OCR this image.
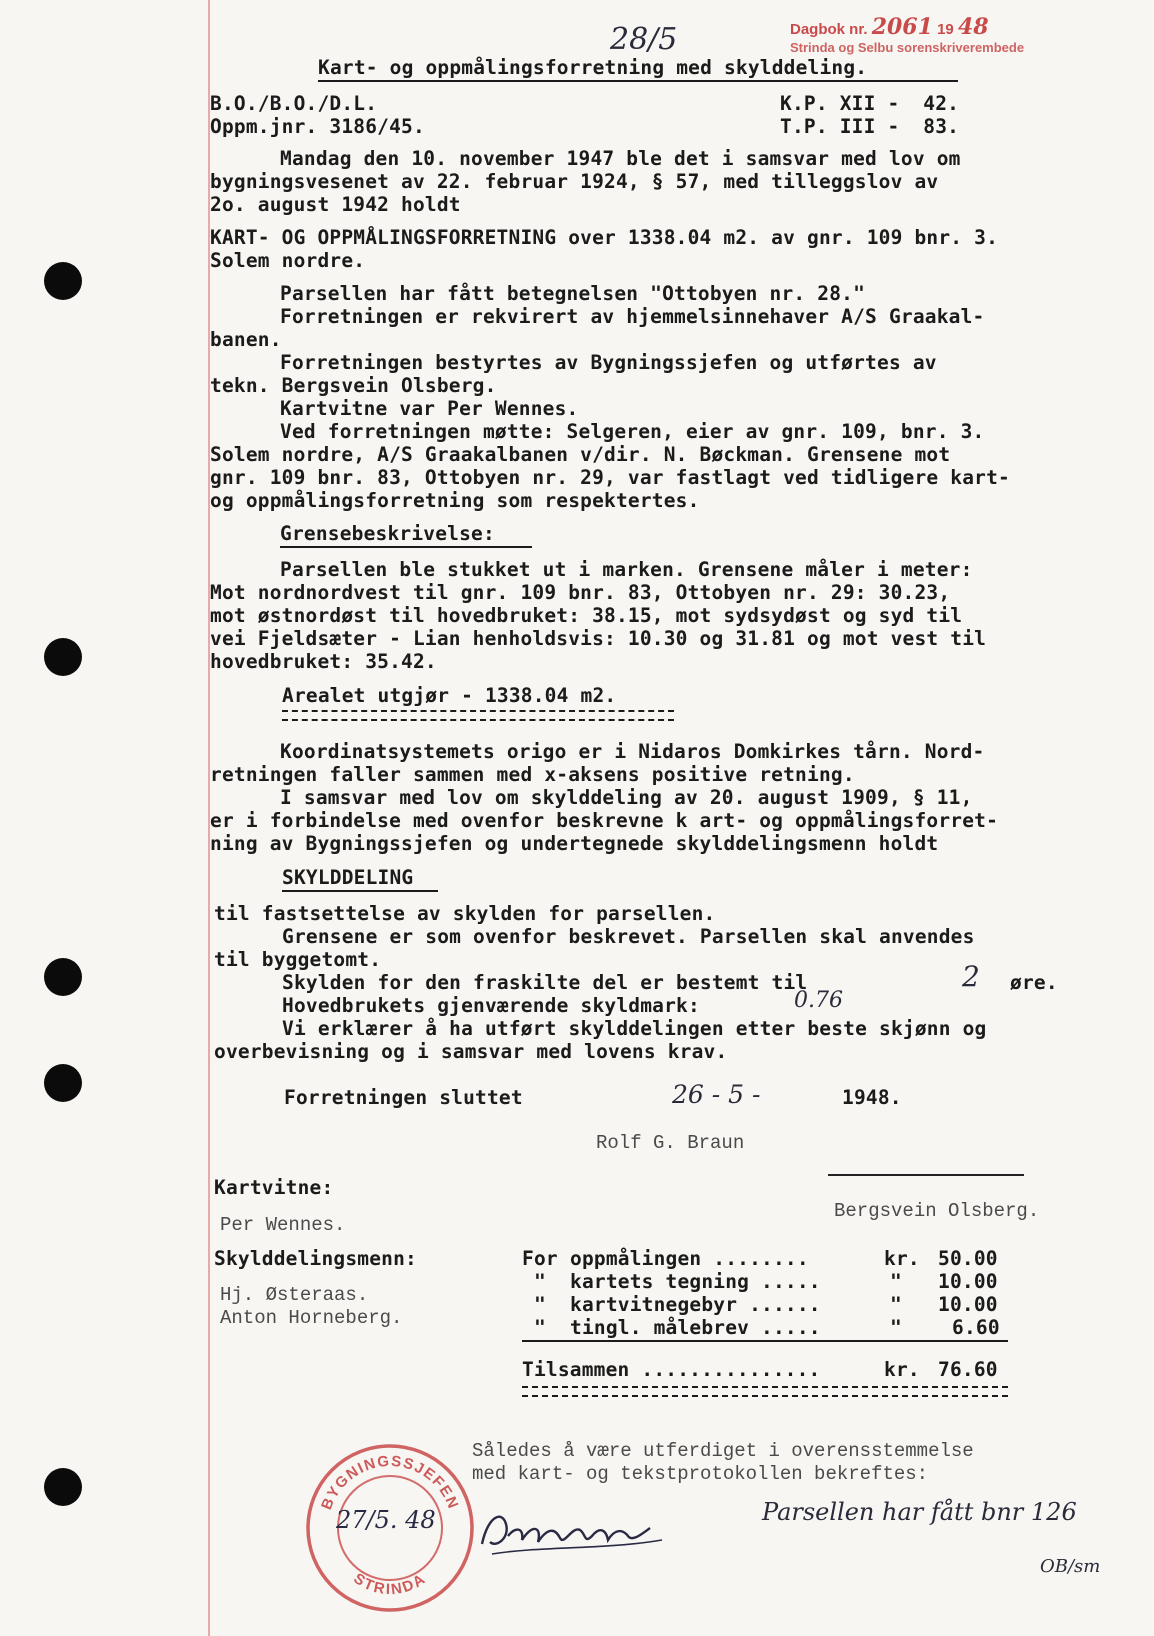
Dagbok nr. 2061 19 48
Strinda og Selbu sorenskriverembede
28/5
Kart- og oppmålingsforretning med skylddeling.
B.O./B.O./D.L.
Oppm.jnr. 3186/45.
K.P. XII -  42.
T.P. III -  83.
Mandag den 10. november 1947 ble det i samsvar med lov om
bygningsvesenet av 22. februar 1924, § 57, med tilleggslov av
2o. august 1942 holdt
KART- OG OPPMÅLINGSFORRETNING over 1338.04 m2. av gnr. 109 bnr. 3.
Solem nordre.
Parsellen har fått betegnelsen "Ottobyen nr. 28."
Forretningen er rekvirert av hjemmelsinnehaver A/S Graakal-
banen.
Forretningen bestyrtes av Bygningssjefen og utførtes av
tekn. Bergsvein Olsberg.
Kartvitne var Per Wennes.
Ved forretningen møtte: Selgeren, eier av gnr. 109, bnr. 3.
Solem nordre, A/S Graakalbanen v/dir. N. Bøckman. Grensene mot
gnr. 109 bnr. 83, Ottobyen nr. 29, var fastlagt ved tidligere kart-
og oppmålingsforretning som respektertes.
Grensebeskrivelse:
Parsellen ble stukket ut i marken. Grensene måler i meter:
Mot nordnordvest til gnr. 109 bnr. 83, Ottobyen nr. 29: 30.23,
mot østnordøst til hovedbruket: 38.15, mot sydsydøst og syd til
vei Fjeldsæter - Lian henholdsvis: 10.30 og 31.81 og mot vest til
hovedbruket: 35.42.
Arealet utgjør - 1338.04 m2.
Koordinatsystemets origo er i Nidaros Domkirkes tårn. Nord-
retningen faller sammen med x-aksens positive retning.
I samsvar med lov om skylddeling av 20. august 1909, § 11,
er i forbindelse med ovenfor beskrevne k art- og oppmålingsforret-
ning av Bygningssjefen og undertegnede skylddelingsmenn holdt
SKYLDDELING
til fastsettelse av skylden for parsellen.
Grensene er som ovenfor beskrevet. Parsellen skal anvendes
til byggetomt.
Skylden for den fraskilte del er bestemt til	2 øre.
Hovedbrukets gjenværende skyldmark:	0.76
Vi erklærer å ha utført skylddelingen etter beste skjønn og
overbevisning og i samsvar med lovens krav.
Forretningen sluttet	26 - 5 -	1948.
Rolf G. Braun
Kartvitne:
Bergsvein Olsberg.
Per Wennes.
Skylddelingsmenn:
Hj. Østeraas.
Anton Horneberg.
For oppmålingen ........	kr. 50.00
" kartets tegning .....	" 10.00
" kartvitnegebyr ......	" 10.00
" tingl. målebrev .....	"	6.60
Tilsammen ...............	kr. 76.60
Således å være utferdiget i overensstemmelse
med kart- og tekstprotokollen bekreftes:
BYGNINGSSJEFEN
STRINDA
27/5. 48	Parsellen har fått bnr 126
OB/sm
